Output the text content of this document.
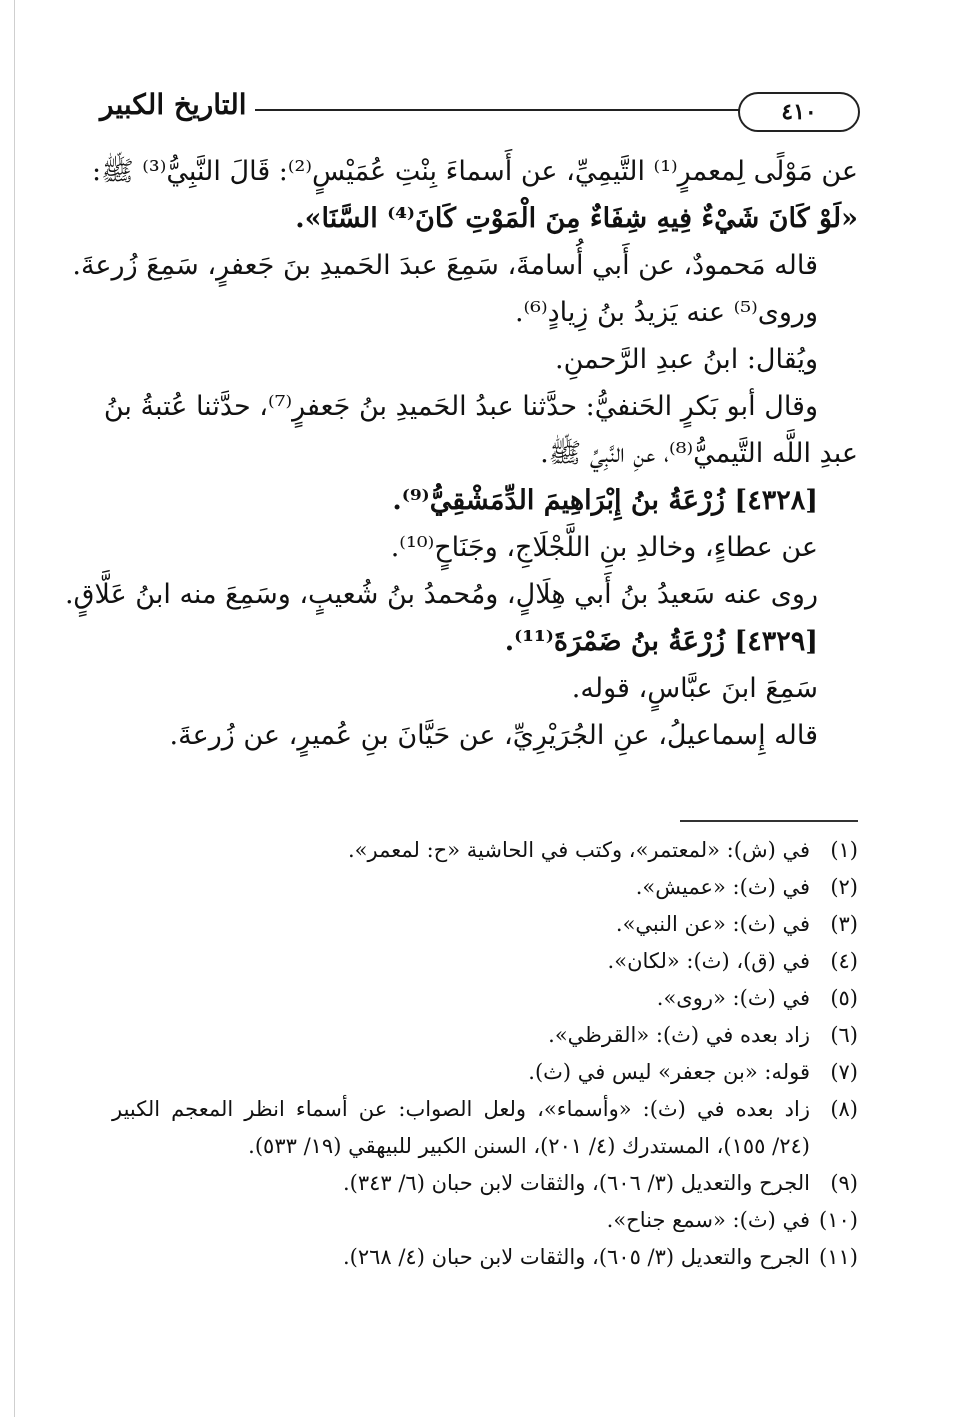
التاريخ الكبير	٤١٠
عن مَوْلًى لِمعمرٍ⁽¹⁾ التَّيمِيِّ، عن أَسماءَ بِنْتِ عُمَيْسٍ⁽²⁾: قَالَ النَّبِيُّ⁽³⁾ ﷺ:
«لَوْ كَانَ شَيْءٌ فِيهِ شِفَاءٌ مِنَ الْمَوْتِ كَانَ⁽⁴⁾ السَّنَا».
قاله مَحمودٌ، عن أَبي أُسامةَ، سَمِعَ عبدَ الحَميدِ بنَ جَعفرٍ، سَمِعَ زُرعةَ.
وروى⁽⁵⁾ عنه يَزيدُ بنُ زِيادٍ⁽⁶⁾.
ويُقال: ابنُ عبدِ الرَّحمنِ.
وقال أبو بَكرٍ الحَنفيُّ: حدَّثنا عبدُ الحَميدِ بنُ جَعفرٍ⁽⁷⁾، حدَّثنا عُتبةُ بنُ
عبدِ اللَّه التَّيميُّ⁽⁸⁾، عنِ النَّبِيِّ ﷺ.
[٤٣٢٨] زُرْعَةُ بنُ إِبْرَاهِيمَ الدِّمَشْقِيُّ⁽⁹⁾.
عن عطاءٍ، وخالدِ بنِ اللَّجْلَاجِ، وجَنَاحٍ⁽¹⁰⁾.
روى عنه سَعيدُ بنُ أَبي هِلَالٍ، ومُحمدُ بنُ شُعيبٍ، وسَمِعَ منه ابنُ عَلَّاقٍ.
[٤٣٢٩] زُرْعَةُ بنُ ضَمْرَةَ⁽¹¹⁾.
سَمِعَ ابنَ عبَّاسٍ، قوله.
قاله إِسماعيلُ، عنِ الجُرَيْرِيِّ، عن حَيَّانَ بنِ عُميرٍ، عن زُرعةَ.
(١)في (ش): «لمعتمر»، وكتب في الحاشية «ح: لمعمر».
(٢)في (ث): «عميش».
(٣)في (ث): «عن النبي».
(٤)في (ق)، (ث): «لكان».
(٥)في (ث): «روى».
(٦)زاد بعده في (ث): «القرظي».
(٧)قوله: «بن جعفر» ليس في (ث).
(٨)زاد بعده في (ث): «وأسماء»، ولعل الصواب: عن أسماء انظر المعجم الكبير
(٢٤/ ١٥٥)، المستدرك (٤/ ٢٠١)، السنن الكبير للبيهقي (١٩/ ٥٣٣).
(٩)الجرح والتعديل (٣/ ٦٠٦)، والثقات لابن حبان (٦/ ٣٤٣).
(١٠)في (ث): «سمع جناح».
(١١)الجرح والتعديل (٣/ ٦٠٥)، والثقات لابن حبان (٤/ ٢٦٨).
